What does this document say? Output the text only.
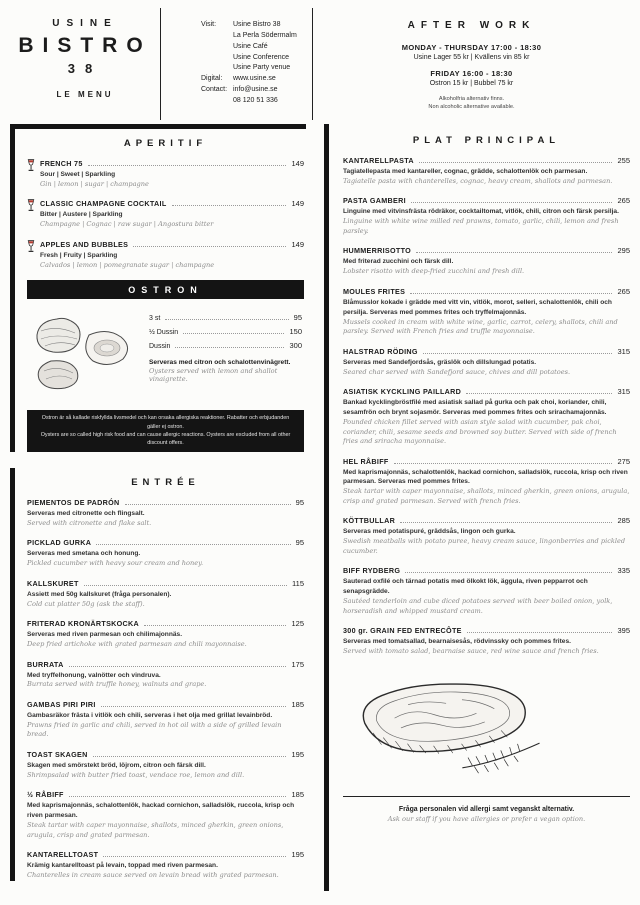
USINE
BISTRO
38
LE MENU
Visit:	Usine Bistro 38
La Perla Södermalm
Usine Café
Usine Conference
Usine Party venue
Digital:	www.usine.se
Contact: info@usine.se
08 120 51 336
AFTER WORK
MONDAY - THURSDAY 17:00 - 18:30
Usine Lager 55 kr | Kvällens vin 85 kr
FRIDAY 16:00 - 18:30
Ostron 15 kr | Bubbel 75 kr
Alkoholfria alternativ finns.
Non alcoholic alternative available.
APERITIF
FRENCH 75	149
Sour | Sweet | Sparkling
Gin | lemon | sugar | champagne
CLASSIC CHAMPAGNE COCKTAIL	149
Bitter | Austere | Sparkling
Champagne | Cognac | raw sugar | Angostura bitter
APPLES AND BUBBLES	149
Fresh | Fruity | Sparkling
Calvados | lemon | pomegranate sugar | champagne
OSTRON
3 st	95
½ Dussin	150
Dussin	300
Serveras med citron och schalottenvinägrett.
Oysters served with lemon and shallot vinaigrette.
Ostron är så kallade riskfyllda livsmedel och kan orsaka allergiska reaktioner. Rabatter och erbjudanden gäller ej ostron.
Oysters are so called high risk food and can cause allergic reactions. Oysters are excluded from all other discount offers.
ENTRÉE
PIEMENTOS DE PADRÓN	95
Serveras med citronette och flingsalt.
Served with citronette and flake salt.
PICKLAD GURKA	95
Serveras med smetana och honung.
Pickled cucumber with heavy sour cream and honey.
KALLSKURET	115
Assiett med 50g kallskuret (fråga personalen).
Cold cut platter 50g (ask the staff).
FRITERAD KRONÄRTSKOCKA	125
Serveras med riven parmesan och chilimajonnäs.
Deep fried artichoke with grated parmesan and chili mayonnaise.
BURRATA	175
Med tryffelhonung, valnötter och vindruva.
Burrata served with truffle honey, walnuts and grape.
GAMBAS PIRI PIRI	185
Gambasräkor frästa i vitlök och chili, serveras i het olja med grillat levainbröd.
Prawns fried in garlic and chili, served in hot oil with a side of grilled levain bread.
TOAST SKAGEN	195
Skagen med smörstekt bröd, löjrom, citron och färsk dill.
Shrimpsalad with butter fried toast, vendace roe, lemon and dill.
½ RÅBIFF	185
Med kaprismajonnäs, schalottenlök, hackad cornichon, salladslök, ruccola, krisp och riven parmesan.
Steak tartar with caper mayonnaise, shallots, minced gherkin, green onions, arugula, crisp and grated parmesan.
KANTARELLTOAST	195
Krämig kantarelltoast på levain, toppad med riven parmesan.
Chanterelles in cream sauce served on levain bread with grated parmesan.
PLAT PRINCIPAL
KANTARELLPASTA	255
Tagiatellepasta med kantareller, cognac, grädde, schalottenlök och parmesan.
Tagiatelle pasta with chanterelles, cognac, heavy cream, shallots and parmesan.
PASTA GAMBERI	265
Linguine med vitvinsfrästa rödräkor, cocktailtomat, vitlök, chili, citron och färsk persilja.
Linguine with white wine milled red prawns, tomato, garlic, chili, lemon and fresh parsley.
HUMMERRISOTTO	295
Med friterad zucchini och färsk dill.
Lobster risotto with deep-fried zucchini and fresh dill.
MOULES FRITES	265
Blåmusslor kokade i grädde med vitt vin, vitlök, morot, selleri, schalottenlök, chili och persilja. Serveras med pommes frites och tryffelmajonnäs.
Mussels cooked in cream with white wine, garlic, carrot, celery, shallots, chili and parsley. Served with French fries and truffle mayonnaise.
HALSTRAD RÖDING	315
Serveras med Sandefjordsås, gräslök och dillslungad potatis.
Seared char served with Sandefjord sauce, chives and dill potatoes.
ASIATISK KYCKLING PAILLARD	315
Bankad kycklingbröstfilé med asiatisk sallad på gurka och pak choi, koriander, chili, sesamfrön och brynt sojasmör. Serveras med pommes frites och srirachamajonnäs.
Pounded chicken fillet served with asian style salad with cucumber, pak choi, coriander, chili, sesame seeds and browned soy butter. Served with side of french fries and sriracha mayonnaise.
HEL RÅBIFF	275
Med kaprismajonnäs, schalottenlök, hackad cornichon, salladslök, ruccola, krisp och riven parmesan. Serveras med pommes frites.
Steak tartar with caper mayonnaise, shallots, minced gherkin, green onions, arugula, crisp and grated parmesan. Served with french fries.
KÖTTBULLAR	285
Serveras med potatispuré, gräddsås, lingon och gurka.
Swedish meatballs with potato puree, heavy cream sauce, lingonberries and pickled cucumber.
BIFF RYDBERG	335
Sauterad oxfilé och tärnad potatis med ölkokt lök, äggula, riven pepparrot och senapsgrädde.
Sautéed tenderloin and cube diced potatoes served with beer boiled onion, yolk, horseradish and whipped mustard cream.
300 gr. GRAIN FED ENTRECÔTE	395
Serveras med tomatsallad, bearnaisesås, rödvinssky och pommes frites.
Served with tomato salad, bearnaise sauce, red wine sauce and french fries.
Fråga personalen vid allergi samt veganskt alternativ.
Ask our staff if you have allergies or prefer a vegan option.
